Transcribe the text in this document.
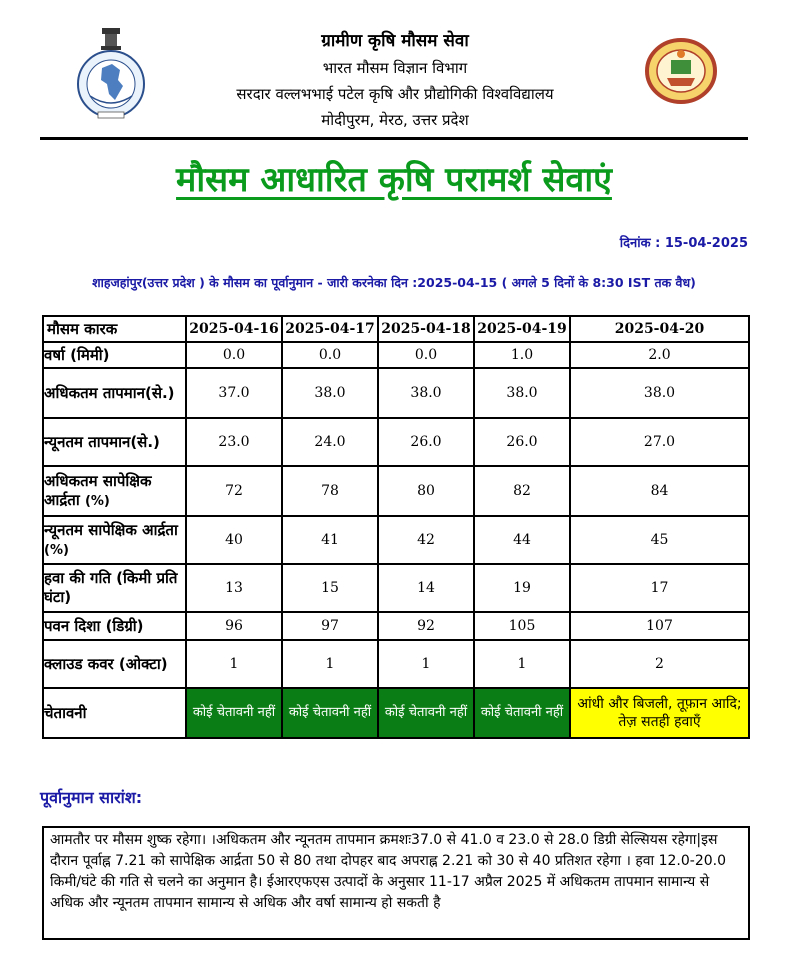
ग्रामीण कृषि मौसम सेवा
भारत मौसम विज्ञान विभाग
सरदार वल्लभभाई पटेल कृषि और प्रौद्योगिकी विश्वविद्यालय
मोदीपुरम, मेरठ, उत्तर प्रदेश
मौसम आधारित कृषि परामर्श सेवाएं
दिनांक : 15-04-2025
शाहजहांपुर(उत्तर प्रदेश ) के मौसम का पूर्वानुमान - जारी करनेका दिन :2025-04-15 ( अगले 5 दिनों के 8:30 IST तक वैध)
मौसम कारक	2025-04-16	2025-04-17	2025-04-18	2025-04-19	2025-04-20
वर्षा (मिमी)	0.0	0.0	0.0	1.0	2.0
अधिकतम तापमान(से.)	37.0	38.0	38.0	38.0	38.0
न्यूनतम तापमान(से.)	23.0	24.0	26.0	26.0	27.0
अधिकतम सापेक्षिक आर्द्रता (%)	72	78	80	82	84
न्यूनतम सापेक्षिक आर्द्रता (%)	40	41	42	44	45
हवा की गति (किमी प्रति घंटा)	13	15	14	19	17
पवन दिशा (डिग्री)	96	97	92	105	107
क्लाउड कवर (ओक्टा)	1	1	1	1	2
चेतावनी	कोई चेतावनी नहीं	कोई चेतावनी नहीं	कोई चेतावनी नहीं	कोई चेतावनी नहीं	आंधी और बिजली, तूफ़ान आदि; तेज़ सतही हवाएँ
पूर्वानुमान सारांश:
आमतौर पर मौसम शुष्क रहेगा। ।अधिकतम और न्यूनतम तापमान क्रमशः37.0 से 41.0 व 23.0 से 28.0 डिग्री सेल्सियस रहेगा|इस दौरान पूर्वाह्न 7.21 को सापेक्षिक आर्द्रता 50 से 80 तथा दोपहर बाद अपराह्न 2.21 को 30 से 40 प्रतिशत रहेगा । हवा 12.0-20.0 किमी/घंटे की गति से चलने का अनुमान है। ईआरएफएस उत्पादों के अनुसार 11-17 अप्रैल 2025 में अधिकतम तापमान सामान्य से अधिक और न्यूनतम तापमान सामान्य से अधिक और वर्षा सामान्य हो सकती है
